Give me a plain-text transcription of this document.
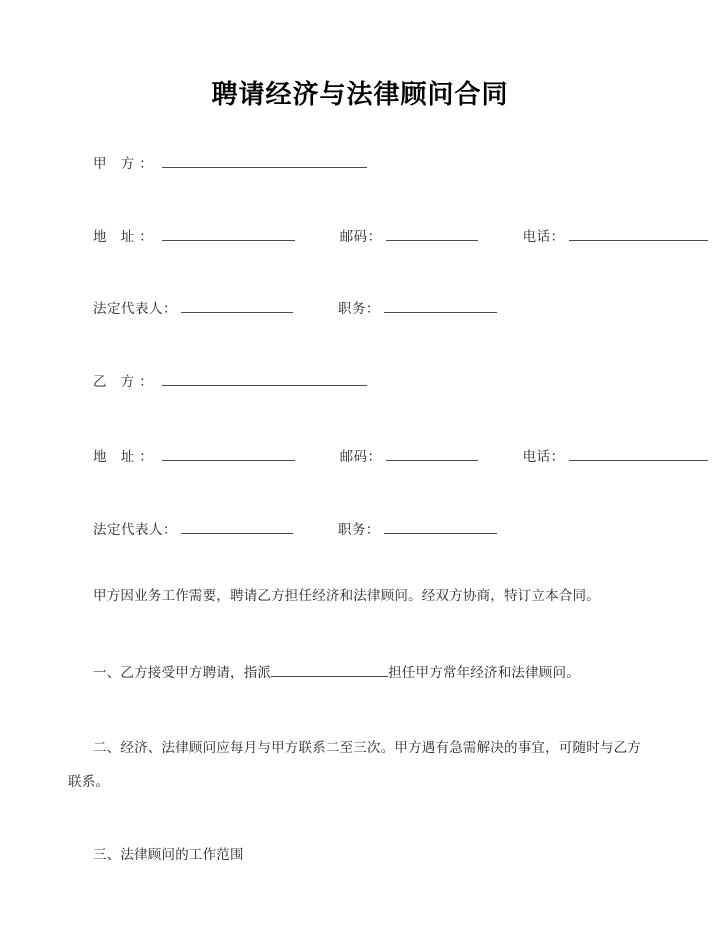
聘请经济与法律顾问合同
甲 方：
地 址：	邮码：	电话：
法定代表人：	职务：
乙 方：
地 址：	邮码：	电话：
法定代表人：	职务：
甲方因业务工作需要，聘请乙方担任经济和法律顾问。经双方协商，特订立本合同。
一、乙方接受甲方聘请，指派	担任甲方常年经济和法律顾问。
二、经济、法律顾问应每月与甲方联系二至三次。甲方遇有急需解决的事宜，可随时与乙方联系。
三、法律顾问的工作范围
